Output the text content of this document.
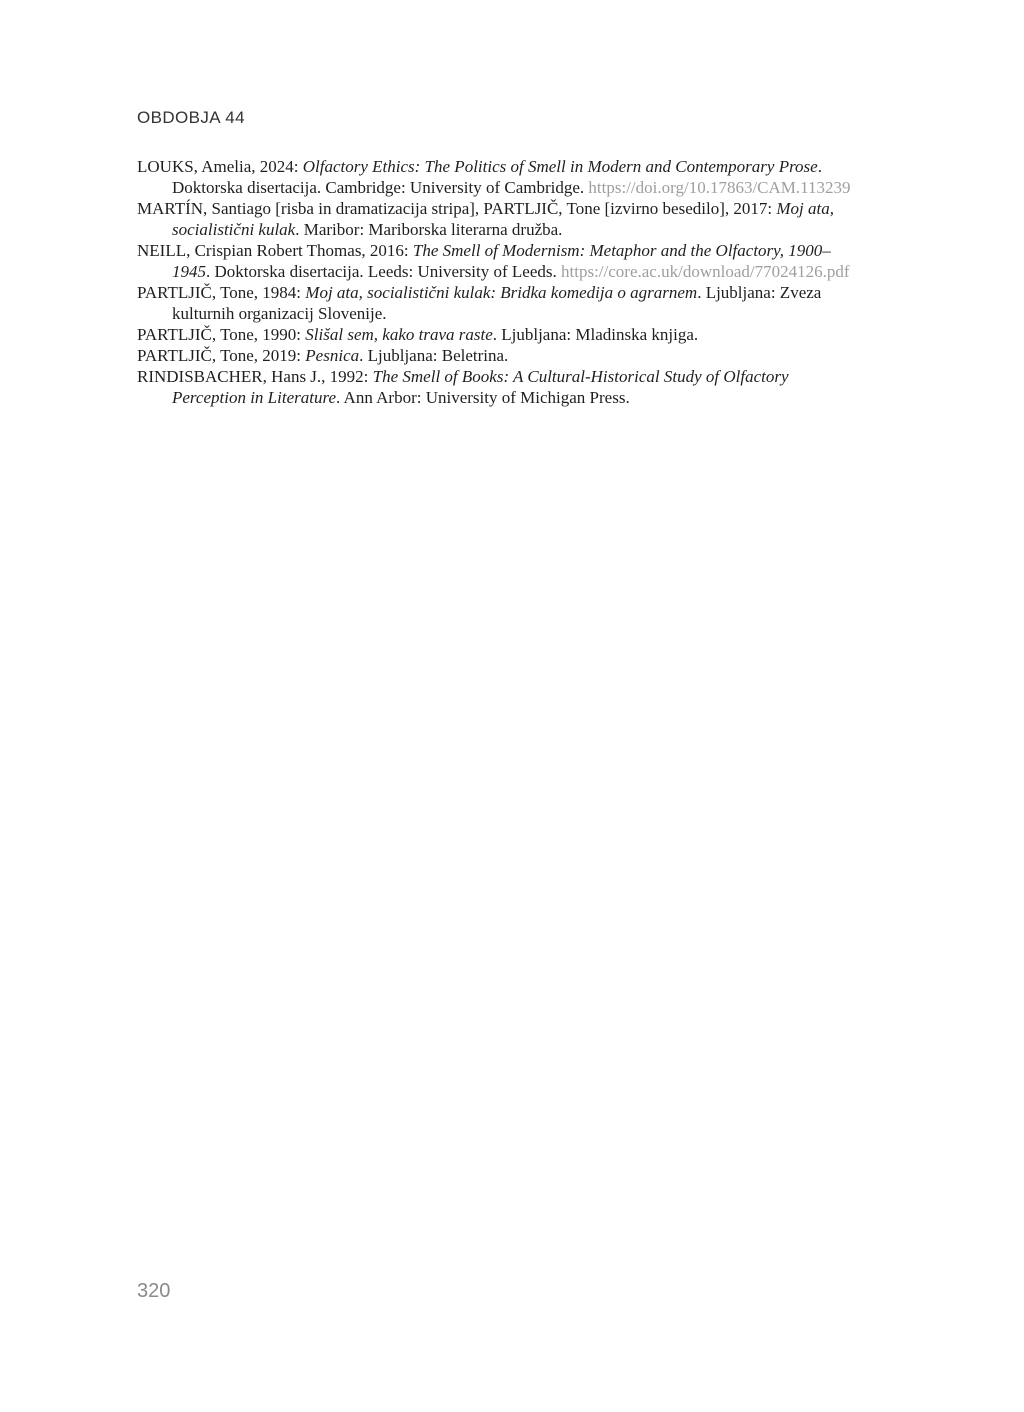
OBDOBJA 44

LOUKS, Amelia, 2024: Olfactory Ethics: The Politics of Smell in Modern and Contemporary Prose. Doktorska disertacija. Cambridge: University of Cambridge. https://doi.org/10.17863/CAM.113239

MARTÍN, Santiago [risba in dramatizacija stripa], PARTLJIČ, Tone [izvirno besedilo], 2017: Moj ata, socialistični kulak. Maribor: Mariborska literarna družba.

NEILL, Crispian Robert Thomas, 2016: The Smell of Modernism: Metaphor and the Olfactory, 1900–1945. Doktorska disertacija. Leeds: University of Leeds. https://core.ac.uk/download/77024126.pdf

PARTLJIČ, Tone, 1984: Moj ata, socialistični kulak: Bridka komedija o agrarnem. Ljubljana: Zveza kulturnih organizacij Slovenije.

PARTLJIČ, Tone, 1990: Slišal sem, kako trava raste. Ljubljana: Mladinska knjiga.

PARTLJIČ, Tone, 2019: Pesnica. Ljubljana: Beletrina.

RINDISBACHER, Hans J., 1992: The Smell of Books: A Cultural-Historical Study of Olfactory Perception in Literature. Ann Arbor: University of Michigan Press.

320
